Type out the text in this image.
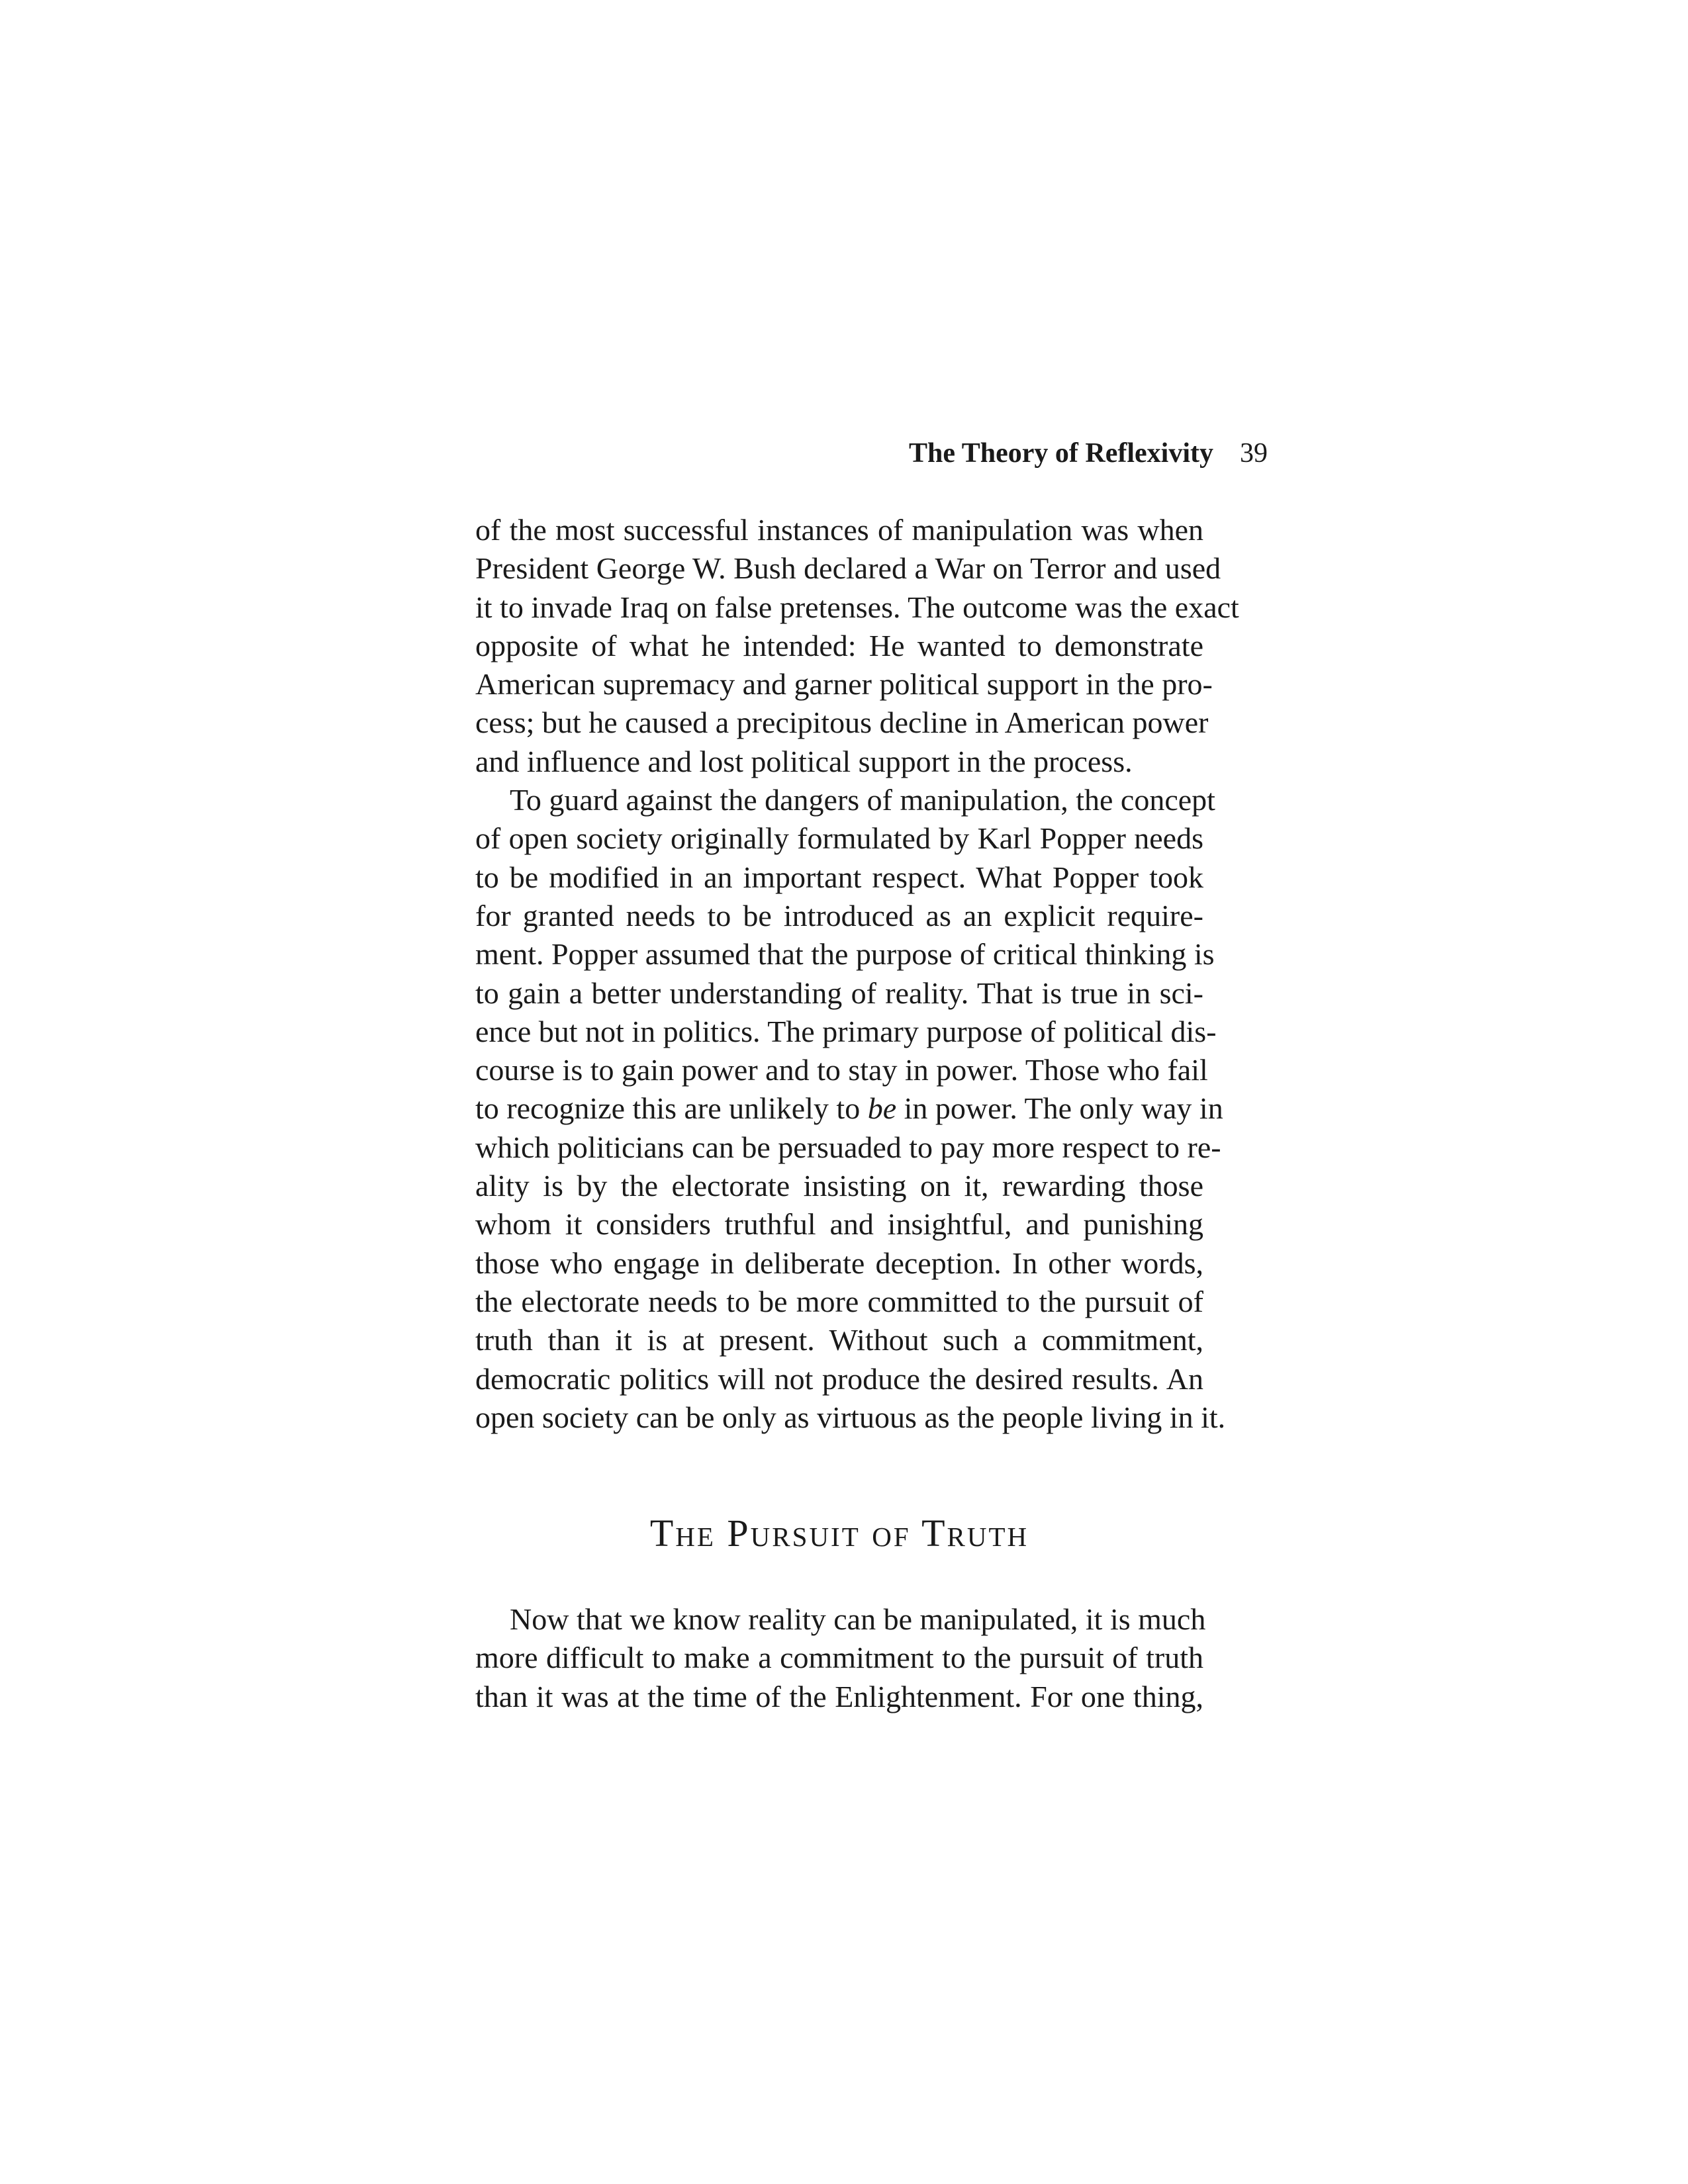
The Theory of Reflexivity 39

of the most successful instances of manipulation was when
President George W. Bush declared a War on Terror and used
it to invade Iraq on false pretenses. The outcome was the exact
opposite of what he intended: He wanted to demonstrate
American supremacy and garner political support in the pro-
cess; but he caused a precipitous decline in American power
and influence and lost political support in the process.

To guard against the dangers of manipulation, the concept
of open society originally formulated by Karl Popper needs
to be modified in an important respect. What Popper took
for granted needs to be introduced as an explicit require-
ment. Popper assumed that the purpose of critical thinking is
to gain a better understanding of reality. That is true in sci-
ence but not in politics. The primary purpose of political dis-
course is to gain power and to stay in power. Those who fail
to recognize this are unlikely to be in power. The only way in
which politicians can be persuaded to pay more respect to re-
ality is by the electorate insisting on it, rewarding those
whom it considers truthful and insightful, and punishing
those who engage in deliberate deception. In other words,
the electorate needs to be more committed to the pursuit of
truth than it is at present. Without such a commitment,
democratic politics will not produce the desired results. An
open society can be only as virtuous as the people living in it.

The Pursuit of Truth

Now that we know reality can be manipulated, it is much
more difficult to make a commitment to the pursuit of truth
than it was at the time of the Enlightenment. For one thing,
